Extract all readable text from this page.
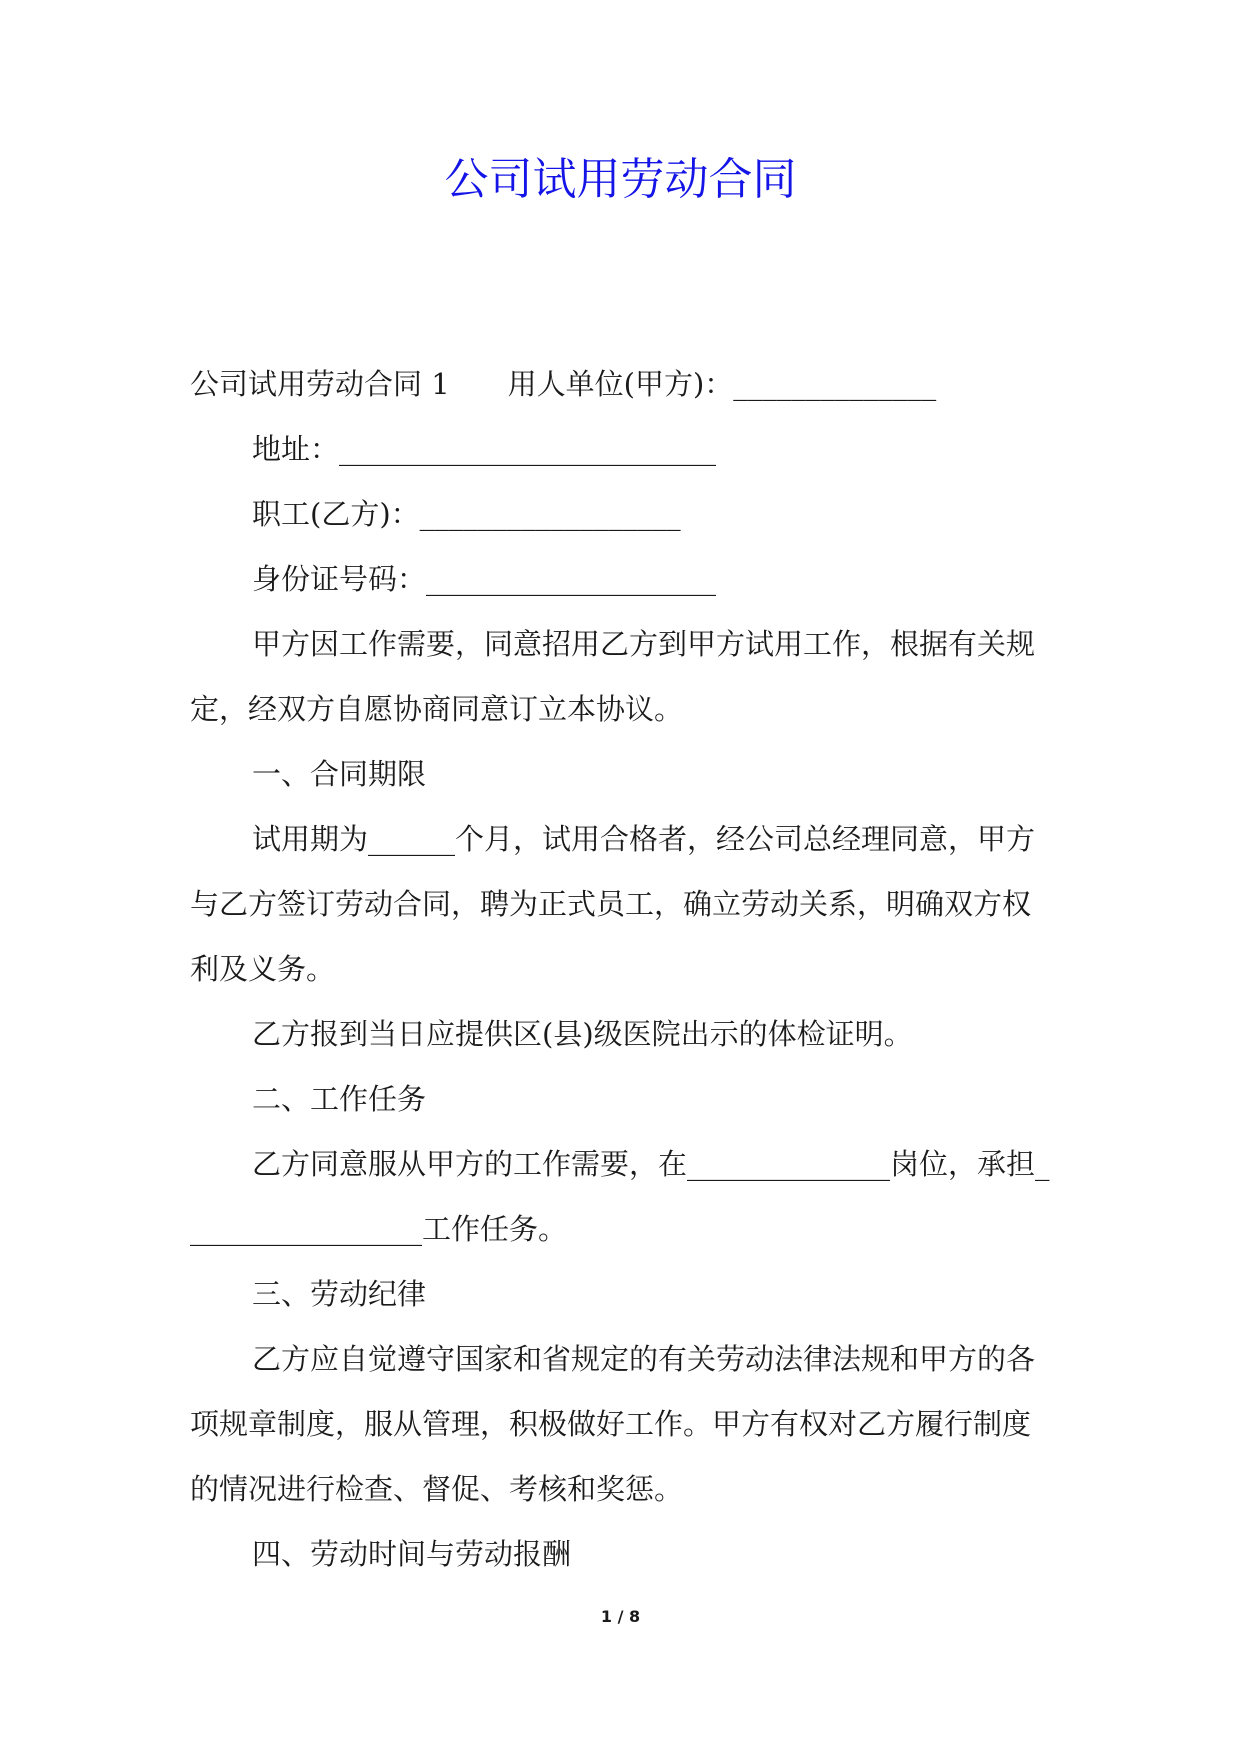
公司试用劳动合同

公司试用劳动合同 1　　用人单位(甲方)：______________

地址：__________________________

职工(乙方)：__________________

身份证号码：____________________

甲方因工作需要，同意招用乙方到甲方试用工作，根据有关规定，经双方自愿协商同意订立本协议。

一、合同期限

试用期为______个月，试用合格者，经公司总经理同意，甲方与乙方签订劳动合同，聘为正式员工，确立劳动关系，明确双方权利及义务。

乙方报到当日应提供区(县)级医院出示的体检证明。

二、工作任务

乙方同意服从甲方的工作需要，在______________岗位，承担_________________工作任务。

三、劳动纪律

乙方应自觉遵守国家和省规定的有关劳动法律法规和甲方的各项规章制度，服从管理，积极做好工作。甲方有权对乙方履行制度的情况进行检查、督促、考核和奖惩。

四、劳动时间与劳动报酬

1 / 8
